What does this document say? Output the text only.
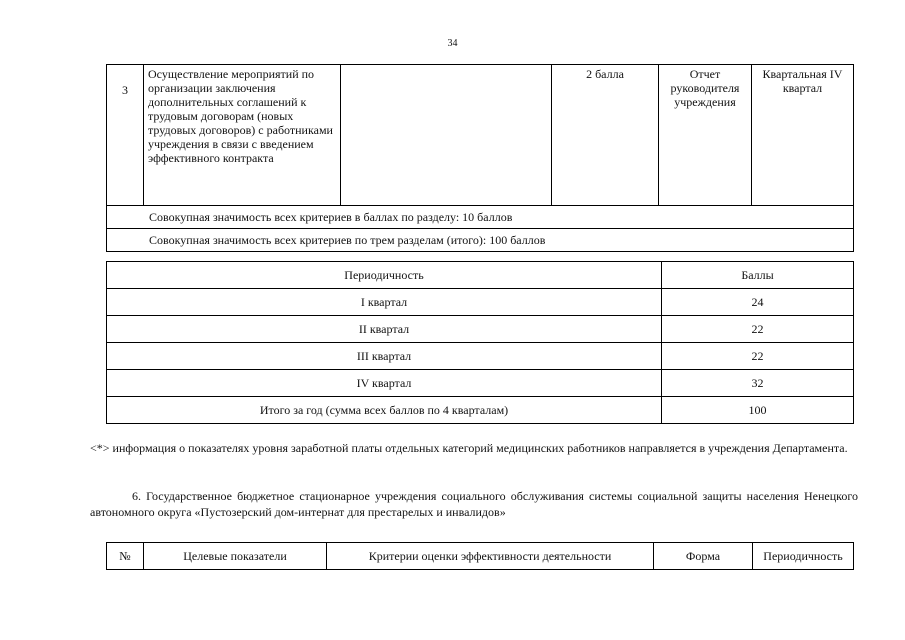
34
3	Осуществление мероприятий по организации заключения дополнительных соглашений к трудовым договорам (новых трудовых договоров) с работниками учреждения в связи с введением эффективного контракта		2 балла	Отчет руководителя учреждения	Квартальная IV квартал
Совокупная значимость всех критериев в баллах по разделу: 10 баллов
Совокупная значимость всех критериев по трем разделам (итого): 100 баллов
Периодичность	Баллы
I квартал	24
II квартал	22
III квартал	22
IV квартал	32
Итого за год (сумма всех баллов по 4 кварталам)	100
<*> информация о показателях уровня заработной платы отдельных категорий медицинских работников направляется в учреждения Департамента.
6. Государственное бюджетное стационарное учреждения социального обслуживания системы социальной защиты населения Ненецкого автономного округа «Пустозерский дом-интернат для престарелых и инвалидов»
№	Целевые показатели	Критерии оценки эффективности деятельности	Форма	Периодичность
